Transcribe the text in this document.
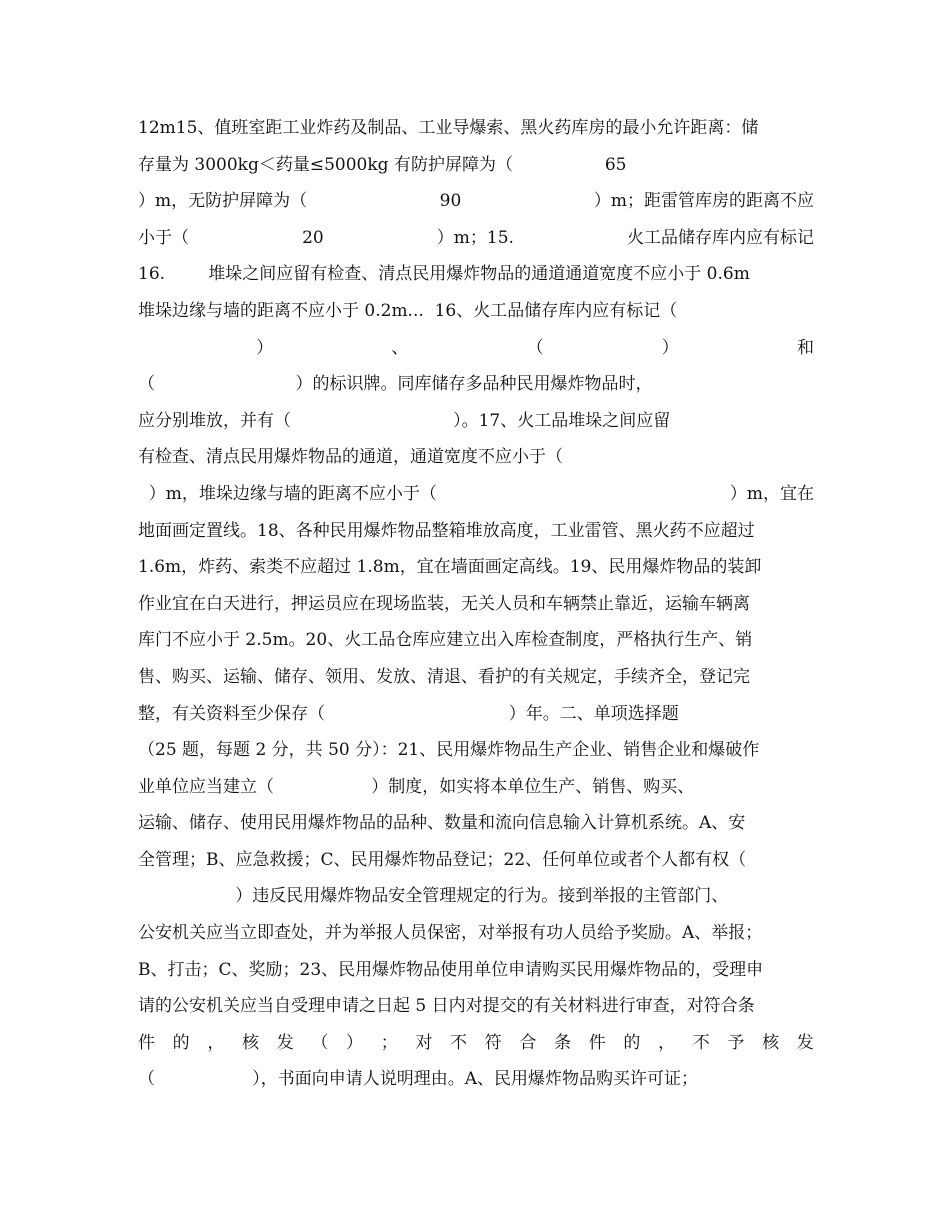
12m15、值班室距工业炸药及制品、工业导爆索、黑火药库房的最小允许距离：储
存量为 3000kg＜药量≤5000kg 有防护屏障为（ 65
）m，无防护屏障为（	90	）m；距雷管库房的距离不应
小于（	20	）m；15.	火工品储存库内应有标记
16.        堆垛之间应留有检查、清点民用爆炸物品的通道通道宽度不应小于 0.6m
堆垛边缘与墙的距离不应小于 0.2m...  16、火工品储存库内应有标记（
）	、	（	）	和
（                          ）的标识牌。同库储存多品种民用爆炸物品时，
应分别堆放，并有（                              ）。17、火工品堆垛之间应留
有检查、清点民用爆炸物品的通道，通道宽度不应小于（
）m，堆垛边缘与墙的距离不应小于（	）m，宜在
地面画定置线。18、各种民用爆炸物品整箱堆放高度，工业雷管、黑火药不应超过
1.6m，炸药、索类不应超过 1.8m，宜在墙面画定高线。19、民用爆炸物品的装卸
作业宜在白天进行，押运员应在现场监装，无关人员和车辆禁止靠近，运输车辆离
库门不应小于 2.5m。20、火工品仓库应建立出入库检查制度，严格执行生产、销
售、购买、运输、储存、领用、发放、清退、看护的有关规定，手续齐全，登记完
整，有关资料至少保存（                                  ）年。二、单项选择题
（25 题，每题 2 分，共 50 分）：21、民用爆炸物品生产企业、销售企业和爆破作
业单位应当建立（                  ）制度，如实将本单位生产、销售、购买、
运输、储存、使用民用爆炸物品的品种、数量和流向信息输入计算机系统。A、安
全管理；B、应急救援；C、民用爆炸物品登记；22、任何单位或者个人都有权（
）违反民用爆炸物品安全管理规定的行为。接到举报的主管部门、
公安机关应当立即查处，并为举报人员保密，对举报有功人员给予奖励。A、举报；
B、打击；C、奖励；23、民用爆炸物品使用单位申请购买民用爆炸物品的，受理申
请的公安机关应当自受理申请之日起 5 日内对提交的有关材料进行审查，对符合条
件 的 ， 核 发 （ ） ； 对 不 符 合 条 件 的 ， 不 予 核 发
（                  ），书面向申请人说明理由。A、民用爆炸物品购买许可证；
